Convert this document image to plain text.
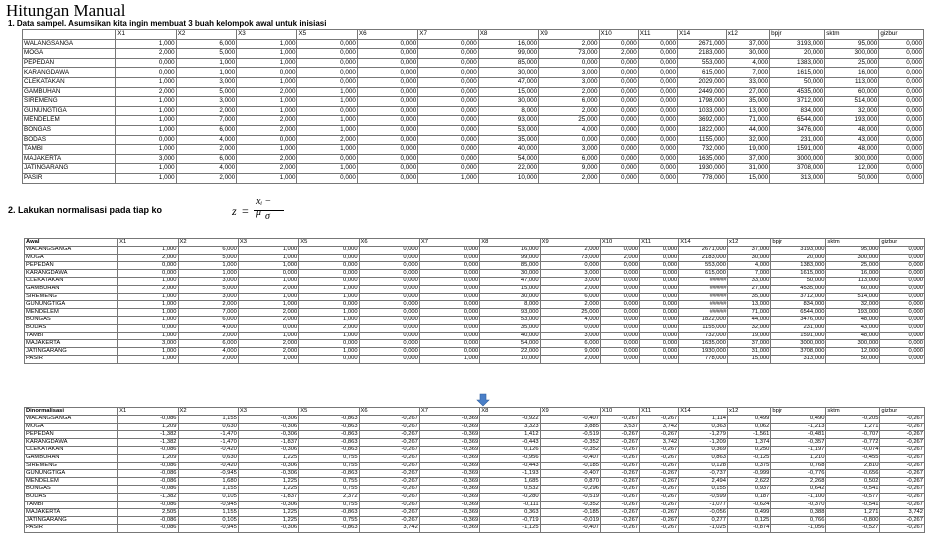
Hitungan Manual
1. Data sampel. Asumsikan kita ingin membuat 3 buah kelompok awal untuk inisiasi
	X1	X2	X3	X5	X6	X7	X8	X9	X10	X11	X14	x12	bpjr	sktm	gizbur
WALANGSANGA	1,000	6,000	1,000	0,000	0,000	0,000	16,000	2,000	0,000	0,000	2671,000	37,000	3193,000	95,000	0,000
MOGA	2,000	5,000	1,000	0,000	0,000	0,000	99,000	73,000	2,000	0,000	2183,000	30,000	20,000	300,000	0,000
PEPEDAN	0,000	1,000	1,000	0,000	0,000	0,000	85,000	0,000	0,000	0,000	553,000	4,000	1383,000	25,000	0,000
KARANGDAWA	0,000	1,000	0,000	0,000	0,000	0,000	30,000	3,000	0,000	0,000	615,000	7,000	1615,000	16,000	0,000
CLEKATAKAN	1,000	3,000	1,000	0,000	0,000	0,000	47,000	3,000	0,000	0,000	2029,000	33,000	50,000	113,000	0,000
GAMBUHAN	2,000	5,000	2,000	1,000	0,000	0,000	15,000	2,000	0,000	0,000	2449,000	27,000	4535,000	60,000	0,000
SIREMENG	1,000	3,000	1,000	1,000	0,000	0,000	30,000	6,000	0,000	0,000	1798,000	35,000	3712,000	514,000	0,000
GUNUNGTIGA	1,000	2,000	1,000	0,000	0,000	0,000	8,000	2,000	0,000	0,000	1033,000	13,000	834,000	32,000	0,000
MENDELEM	1,000	7,000	2,000	1,000	0,000	0,000	93,000	25,000	0,000	0,000	3692,000	71,000	6544,000	193,000	0,000
BONGAS	1,000	6,000	2,000	1,000	0,000	0,000	53,000	4,000	0,000	0,000	1822,000	44,000	3476,000	48,000	0,000
BODAS	0,000	4,000	0,000	2,000	0,000	0,000	35,000	0,000	0,000	0,000	1155,000	32,000	231,000	43,000	0,000
TAMBI	1,000	2,000	1,000	1,000	0,000	0,000	40,000	3,000	0,000	0,000	732,000	19,000	1591,000	48,000	0,000
MAJAKERTA	3,000	6,000	2,000	0,000	0,000	0,000	54,000	6,000	0,000	0,000	1635,000	37,000	3000,000	300,000	0,000
JATINGARANG	1,000	4,000	2,000	1,000	0,000	0,000	22,000	9,000	0,000	0,000	1930,000	31,000	3708,000	12,000	0,000
PASIR	1,000	2,000	1,000	0,000	0,000	1,000	10,000	2,000	0,000	0,000	778,000	15,000	313,000	50,000	0,000
2. Lakukan normalisasi pada tiap ko	z =
xᵢ − μ σ
Awal	X1	X2	X3	X5	X6	X7	X8	X9	X10	X11	X14	x12	bpjr	sktm	gizbur
WALANGSANGA	1,000	6,000	1,000	0,000	0,000	0,000	16,000	2,000	0,000	0,000	2671,000	37,000	3193,000	95,000	0,000
MOGA	2,000	5,000	1,000	0,000	0,000	0,000	99,000	73,000	2,000	0,000	2183,000	30,000	20,000	300,000	0,000
PEPEDAN	0,000	1,000	1,000	0,000	0,000	0,000	85,000	0,000	0,000	0,000	553,000	4,000	1383,000	25,000	0,000
KARANGDAWA	0,000	1,000	0,000	0,000	0,000	0,000	30,000	3,000	0,000	0,000	615,000	7,000	1615,000	16,000	0,000
CLEKATAKAN	1,000	3,000	1,000	0,000	0,000	0,000	47,000	3,000	0,000	0,000	######	33,000	50,000	113,000	0,000
GAMBUHAN	2,000	5,000	2,000	1,000	0,000	0,000	15,000	2,000	0,000	0,000	######	27,000	4535,000	60,000	0,000
SIREMENG	1,000	3,000	1,000	1,000	0,000	0,000	30,000	6,000	0,000	0,000	######	35,000	3712,000	514,000	0,000
GUNUNGTIGA	1,000	2,000	1,000	0,000	0,000	0,000	8,000	2,000	0,000	0,000	######	13,000	834,000	32,000	0,000
MENDELEM	1,000	7,000	2,000	1,000	0,000	0,000	93,000	25,000	0,000	0,000	######	71,000	6544,000	193,000	0,000
BONGAS	1,000	6,000	2,000	1,000	0,000	0,000	53,000	4,000	0,000	0,000	1822,000	44,000	3476,000	48,000	0,000
BODAS	0,000	4,000	0,000	2,000	0,000	0,000	35,000	0,000	0,000	0,000	1155,000	32,000	231,000	43,000	0,000
TAMBI	1,000	2,000	1,000	1,000	0,000	0,000	40,000	3,000	0,000	0,000	732,000	19,000	1591,000	48,000	0,000
MAJAKERTA	3,000	6,000	2,000	0,000	0,000	0,000	54,000	6,000	0,000	0,000	1635,000	37,000	3000,000	300,000	0,000
JATINGARANG	1,000	4,000	2,000	1,000	0,000	0,000	22,000	9,000	0,000	0,000	1930,000	31,000	3708,000	12,000	0,000
PASIR	1,000	2,000	1,000	0,000	0,000	1,000	10,000	2,000	0,000	0,000	778,000	15,000	313,000	50,000	0,000
Dinormalisasi	X1	X2	X3	X5	X6	X7	X8	X9	X10	X11	X14	x12	bpjr	sktm	gizbur
WALANGSANGA	-0,086	1,155	-0,306	-0,863	-0,267	-0,369	-0,922	-0,407	-0,267	-0,267	1,114	0,499	0,490	-0,205	-0,267
MOGA	1,209	0,630	-0,306	-0,863	-0,267	-0,369	3,323	3,885	3,537	3,742	0,363	0,062	-1,213	1,271	-0,267
PEPEDAN	-1,382	-1,470	-0,306	-0,863	-0,267	-0,369	1,412	-0,519	-0,267	-0,267	-1,279	-1,561	-0,481	-0,707	-0,267
KARANGDAWA	-1,382	-1,470	-1,837	-0,863	-0,267	-0,369	-0,443	-0,352	-0,267	3,742	-1,209	1,374	-0,357	-0,772	-0,267
CLEKATAKAN	-0,086	-0,420	-0,306	-0,863	-0,267	-0,369	0,126	-0,352	-0,267	-0,267	0,369	0,250	-1,197	-0,074	-0,267
GAMBUHAN	1,209	0,630	1,225	0,755	-0,267	-0,369	-0,956	-0,407	-0,267	-0,267	0,863	-0,125	1,210	-0,455	-0,267
SIREMENG	-0,086	-0,420	-0,306	0,755	-0,267	-0,369	-0,443	-0,185	-0,267	-0,267	0,128	0,375	0,768	2,810	-0,267
GUNUNGTIGA	-0,086	-0,945	-0,306	-0,863	-0,267	-0,369	-1,193	-0,407	-0,267	-0,267	-0,737	-0,999	-0,776	-0,656	-0,267
MENDELEM	-0,086	1,680	1,225	0,755	-0,267	-0,369	1,685	0,870	-0,267	-0,267	2,494	2,622	2,268	0,502	-0,267
BONGAS	-0,086	1,155	1,225	0,755	-0,267	-0,369	0,532	-0,296	-0,267	-0,267	0,155	0,937	0,642	-0,541	-0,267
BODAS	-1,382	0,105	-1,837	2,372	-0,267	-0,369	-0,280	-0,519	-0,267	-0,267	-0,599	0,187	-1,100	-0,577	-0,267
TAMBI	-0,086	-0,945	-0,306	0,755	-0,267	-0,369	-0,111	-0,352	-0,267	-0,267	-1,077	-0,624	-0,370	-0,541	-0,267
MAJAKERTA	2,505	1,155	1,225	-0,863	-0,267	-0,369	0,363	-0,185	-0,267	-0,267	-0,056	0,499	0,388	1,271	3,742
JATINGARANG	-0,086	0,105	1,225	0,755	-0,267	-0,369	-0,719	-0,019	-0,267	-0,267	0,277	0,125	0,766	-0,800	-0,267
PASIR	-0,086	-0,945	-0,306	-0,863	3,742	-0,369	-1,125	-0,407	-0,267	-0,267	-1,025	-0,874	-1,056	-0,527	-0,267
